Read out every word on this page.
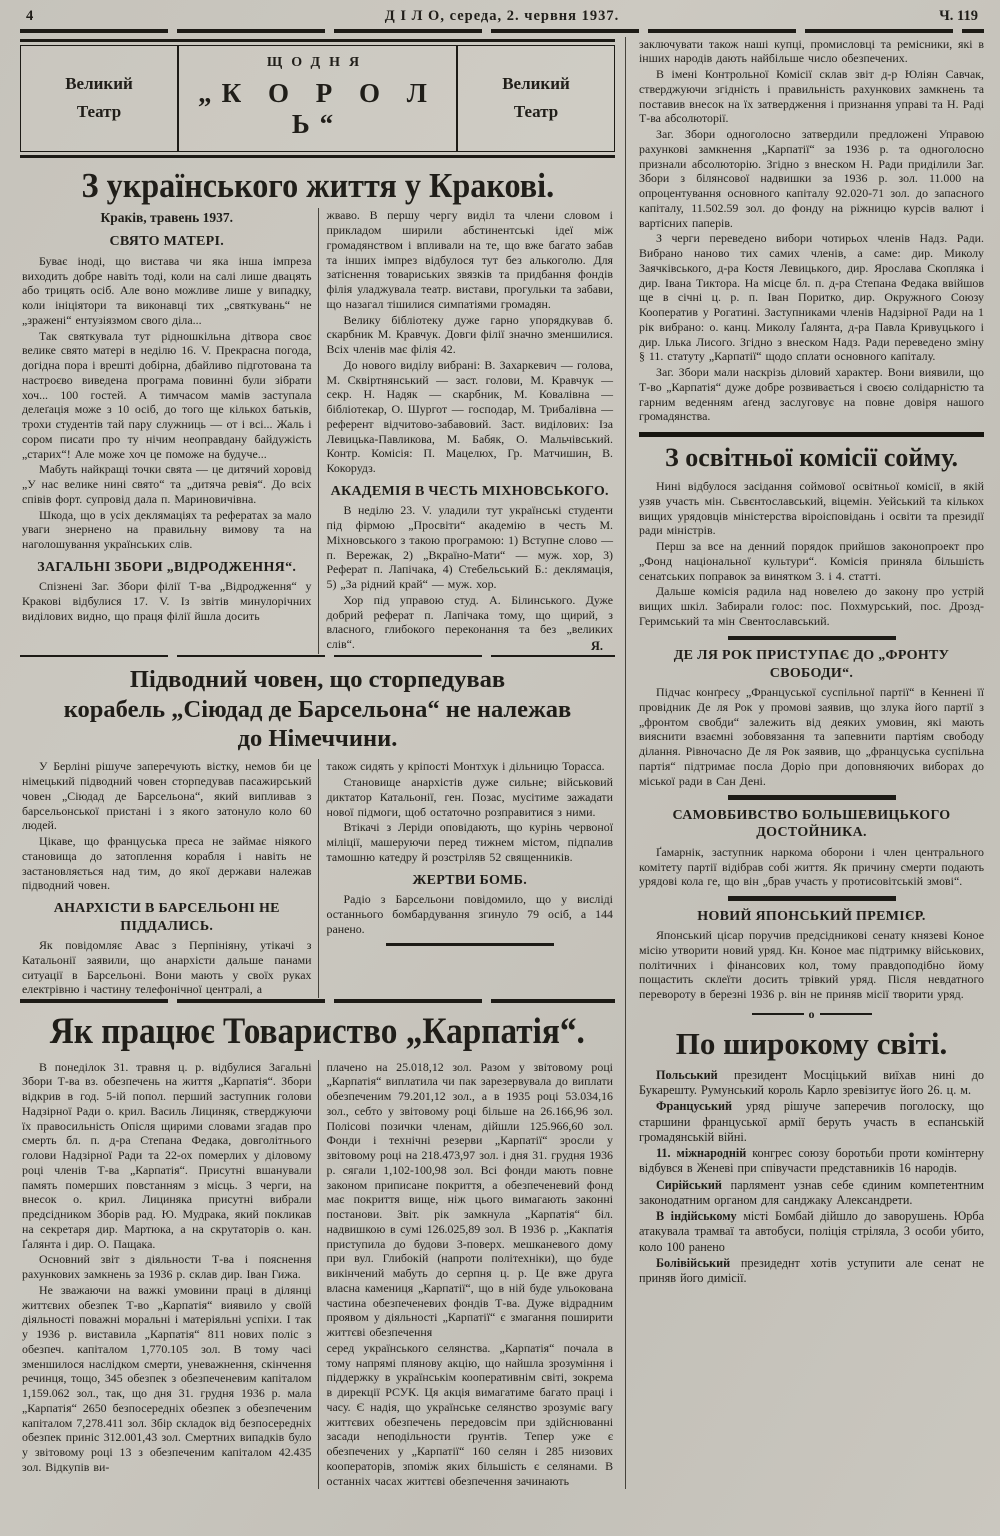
4	Д І Л О, середа, 2. червня 1937.	Ч. 119
Великий
Театр
ЩОДНЯ
„К О Р О Л Ь“
Великий
Театр
З українського життя у Кракові.
Краків, травень 1937.
СВЯТО МАТЕРІ.

Буває іноді, що вистава чи яка інша імпреза виходить добре навіть тоді, коли на салі лише двацять або трицять осіб. Але воно можливе лише у випадку, коли ініціятори та виконавці тих „святкувань“ не „зражені“ ентузіязмом свого діла...

Так святкувала тут рідношкільна дітвора своє велике свято матері в неділю 16. V. Прекрасна погода, догідна пора і врешті добірна, дбайливо підготована та настроєво виведена програма повинні були зібрати хоч... 100 гостей. А тимчасом мамів заступала делеґація може з 10 осіб, до того ще кількох батьків, трохи студентів тай пару служниць — от і всі... Жаль і сором писати про ту нічим неоправдану байдужість „старих“! Але може хоч це поможе на будуче...

Мабуть найкращі точки свята — це дитячий хоровід „У нас велике нині свято“ та „дитяча ревія“. До всіх співів форт. супровід дала п. Мариновичівна.

Шкода, що в усіх деклямаціях та рефератах за мало уваги знернено на правильну вимову та на наголошування українських слів.

ЗАГАЛЬНІ ЗБОРИ „ВІДРОДЖЕННЯ“.

Спізнені Заг. Збори філії Т-ва „Відродження“ у Кракові відбулися 17. V. Із звітів минулорічних виділових видно, що праця філії йшла досить

жваво. В першу чергу виділ та члени словом і прикладом ширили абстинентські ідеї між громадянством і впливали на те, що вже багато забав та інших імпрез відбулося тут без алькоголю. Для затіснення товариських звязків та придбання фондів філія уладжувала театр. вистави, прогульки та забави, що назагал тішилися симпатіями громадян.

Велику бібліотеку дуже гарно упорядкував б. скарбник М. Кравчук. Довги філії значно зменшилися. Всіх членів має філія 42.

До нового виділу вибрані: В. Захаркевич — голова, М. Сквіртнянський — заст. голови, М. Кравчук — секр. Н. Надяк — скарбник, М. Ковалівна — бібліотекар, О. Шургот — господар, М. Трибалівна — референт відчитово-забавовий. Заст. виділових: Іза Левицька-Павликова, М. Бабяк, О. Мальчівський. Контр. Комісія: П. Мацелюх, Гр. Матчишин, В. Кокорудз.

АКАДЕМІЯ В ЧЕСТЬ МІХНОВСЬКОГО.

В неділю 23. V. уладили тут українські студенти під фірмою „Просвіти“ академію в честь М. Міхновського з такою програмою: 1) Вступне слово — п. Вережак, 2) „Вкраїно-Мати“ — муж. хор, 3) Реферат п. Лапічака, 4) Стебельський Б.: деклямація, 5) „За рідний край“ — муж. хор.

Хор під управою студ. А. Білинського. Дуже добрий реферат п. Лапічака тому, що щирий, з власного, глибокого переконання та без „великих слів“.	Я.
Підводний човен, що сторпедував
корабель „Сіюдад де Барсельона“ не належав
до Німеччини.

У Берліні рішуче заперечують вістку, немов би це німецький підводний човен сторпедував пасажирський човен „Сіюдад де Барсельона“, який випливав з барсельонської пристані і з якого затонуло коло 60 людей.

Цікаве, що француська преса не займає ніякого становища до затоплення корабля і навіть не застановляється над тим, до якої держави належав підводний човен.

АНАРХІСТИ В БАРСЕЛЬОНІ НЕ ПІДДАЛИСЬ.

Як повідомляє Авас з Перпініяну, утікачі з Катальонії заявили, що анархісти дальше панами ситуації в Барсельоні. Вони мають у своїх руках електрівню і частину телефонічної централі, а

також сидять у кріпості Монтхук і дільницю Торасса.

Становище анархістів дуже сильне; військовий диктатор Катальонії, ген. Позас, мусітиме зажадати нової підмоги, щоб остаточно розправитися з ними.

Втікачі з Леріди оповідають, що курінь червоної міліції, машеруючи перед тижнем містом, підпалив тамошню катедру й розстріляв 52 священників.

ЖЕРТВИ БОМБ.

Радіо з Барсельони повідомило, що у висліді останнього бомбардування згинуло 79 осіб, а 144 ранено.

Як працює Товариство „Карпатія“.

В понеділок 31. травня ц. р. відбулися Загальні Збори Т-ва вз. обезпечень на життя „Карпатія“. Збори відкрив в год. 5-ій попол. перший заступник голови Надзірної Ради о. крил. Василь Лициняк, стверджуючи їх правосильність Опісля щирими словами згадав про смерть бл. п. д-ра Степана Федака, довголітнього голови Надзірної Ради та 22-ох померлих у діловому році членів Т-ва „Карпатія“. Присутні вшанували память померших повстанням з місць. З черги, на внесок о. крил. Лициняка присутні вибрали предсідником Зборів рад. Ю. Мудрака, який покликав на секретаря дир. Мартюка, а на скрутаторів о. кан. Ґалянта і дир. О. Пащака.

Основний звіт з діяльности Т-ва і пояснення рахункових замкнень за 1936 р. склав дир. Іван Гижа.

Не зважаючи на важкі умовини праці в ділянці життєвих обезпек Т-во „Карпатія“ виявило у своїй діяльності поважні моральні і матеріяльні успіхи. І так у 1936 р. виставила „Карпатія“ 811 нових поліс з обезпеч. капіталом 1,770.105 зол. В тому часі зменшилося наслідком смерти, уневажнення, скінчення речинця, тощо, 345 обезпек з обезпеченевим капіталом 1,159.062 зол., так, що дня 31. грудня 1936 р. мала „Карпатія“ 2650 безпосередніх обезпек з обезпеченим капіталом 7,278.411 зол. Збір складок від безпосередніх обезпек приніс 312.001,43 зол. Смертних випадків було у звітовому році 13 з обезпеченим капіталом 42.435 зол. Відкупів ви-

плачено на 25.018,12 зол. Разом у звітовому році „Карпатія“ виплатила чи пак зарезервувала до виплати обезпеченим 79.201,12 зол., а в 1935 році 53.034,16 зол., себто у звітовому році більше на 26.166,96 зол. Полісові позички членам, дійшли 125.966,60 зол. Фонди і технічні резерви „Карпатії“ зросли у звітовому році на 218.473,97 зол. і дня 31. грудня 1936 р. сягали 1,102-100,98 зол. Всі фонди мають повне законом приписане покриття, а обезпеченевий фонд має покриття вище, ніж цього вимагають законні постанови. Звіт. рік замкнула „Карпатія“ біл. надвишкою в сумі 126.025,89 зол. В 1936 р. „Какпатія приступила до будови 3-поверх. мешканевого дому при вул. Глибокій (напроти політехніки), що буде викінчений мабуть до серпня ц. р. Це вже друга власна камениця „Карпатії“, що в ній буде ульокована частина обезпеченевих фондів Т-ва. Дуже відрадним проявом у діяльності „Карпатії“ є змагання поширити життєві обезпечення

серед українського селянства. „Карпатія“ почала в тому напрямі плянову акцію, що найшла зрозуміння і піддержку в українськім кооперативнім світі, зокрема в дирекції РСУК. Ця акція вимагатиме багато праці і часу. Є надія, що українське селянство зрозуміє вагу життєвих обезпечень передовсім при здійснюванні засади неподільности ґрунтів. Тепер уже є обезпечених у „Карпатії“ 160 селян і 285 низових кооператорів, зпоміж яких більшість є селянами. В останніх часах життєві обезпечення зачинають

заключувати також наші купці, промисловці та ремісники, які в інших народів дають найбільше число обезпечених.

В імені Контрольної Комісії склав звіт д-р Юліян Савчак, стверджуючи згідність і правильність рахункових замкнень та поставив внесок на їх затвердження і признання управі та Н. Раді Т-ва абсолюторії.

Заг. Збори одноголосно затвердили предложені Управою рахункові замкнення „Карпатії“ за 1936 р. та одноголосно признали абсолюторію. Згідно з внеском Н. Ради приділили Заг. Збори з білянсової надвишки за 1936 р. зол. 11.000 на опроцентування основного капіталу 92.020-71 зол. до запасного капіталу, 11.502.59 зол. до фонду на ріжницю курсів валют і вартісних паперів.

З черги переведено вибори чотирьох членів Надз. Ради. Вибрано наново тих самих членів, а саме: дир. Миколу Заячківського, д-ра Костя Левицького, дир. Ярослава Скопляка і дир. Івана Тиктора. На місце бл. п. д-ра Степана Федака ввійшов ще в січні ц. р. п. Іван Поритко, дир. Окружного Союзу Кооператив у Рогатині. Заступниками членів Надзірної Ради на 1 рік вибрано: о. канц. Миколу Ґалянта, д-ра Павла Кривуцького і дир. Ілька Лисого. Згідно з внеском Надз. Ради переведено зміну § 11. статуту „Карпатії“ щодо сплати основного капіталу.

Заг. Збори мали наскрізь діловий характер. Вони виявили, що Т-во „Карпатія“ дуже добре розвивається і своєю солідарністю та гарним веденням аґенд заслуговує на повне довіря нашого громадянства.

З освітньої комісії сойму.

Нині відбулося засідання соймової освітньої комісії, в якій узяв участь мін. Сьвєнтославський, віцемін. Уейський та кількох вищих урядовців міністерства віроісповідань і освіти та президії ради міністрів.

Перш за все на денний порядок прийшов законопроект про „Фонд національної культури“. Комісія приняла більшість сенатських поправок за винятком 3. і 4. статті.

Дальше комісія радила над новелею до закону про устрій вищих шкіл. Забирали голос: пос. Похмурський, пос. Дрозд-Геримський та мін Свентославський.

ДЕ ЛЯ РОК ПРИСТУПАЄ ДО „ФРОНТУ СВОБОДИ“.

Підчас конґресу „Француської суспільної партії“ в Кеннені її провідник Де ля Рок у промові заявив, що злука його партії з „фронтом свобди“ залежить від деяких умовин, які мають вияснити взаємні зобовязання та запевнити партіям свободу ділання. Рівночасно Де ля Рок заявив, що „француська суспільна партія“ підтримає посла Доріо при доповняючих виборах до міської ради в Сан Дені.

САМОВБИВСТВО БОЛЬШЕВИЦЬКОГО ДОСТОЙНИКА.

Ґамарнік, заступник наркома оборони і член центрального комітету партії відібрав собі життя. Як причину смерти подають урядові кола ге, що він „брав участь у протисовітській змові“.

НОВИЙ ЯПОНСЬКИЙ ПРЕМІЄР.

Японський цісар поручив предсідникові сенату князеві Коное місію утворити новий уряд. Кн. Коное має підтримку військових, політичних і фінансових кол, тому правдоподібно йому пощастить склеїти досить трівкий уряд. Після невдатного перевороту в березні 1936 р. він не приняв місії творити уряд.

o
По широкому світі.

Польський президент Мосціцький виїхав нині до Букарешту. Румунський король Карло зревізитує його 26. ц. м.

Француський уряд рішуче заперечив поголоску, що старшини француської армії беруть участь в еспанській громадянській війні.

11. міжнародній конгрес союзу боротьби проти комінтерну відбувся в Женеві при співучасти представників 16 народів.

Сирійський парлямент узнав себе єдиним компетентним законодатним органом для санджаку Александрети.

В індійському місті Бомбай дійшло до заворушень. Юрба атакувала трамваї та автобуси, поліція стріляла, 3 особи убито, коло 100 ранено

Болівійський президеднт хотів уступити але сенат не приняв його димісії.
